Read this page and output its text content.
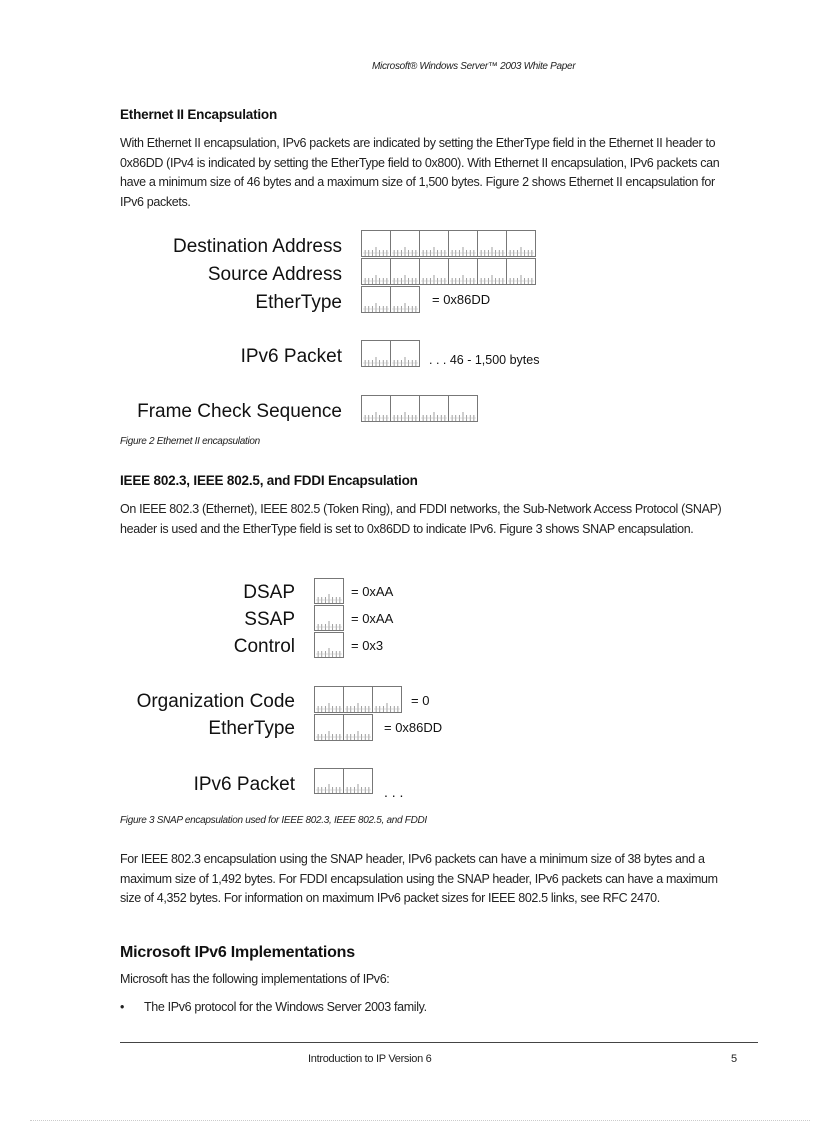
Microsoft® Windows Server™ 2003 White Paper
Ethernet II Encapsulation
With Ethernet II encapsulation, IPv6 packets are indicated by setting the EtherType field in the Ethernet II header to 0x86DD (IPv4 is indicated by setting the EtherType field to 0x800). With Ethernet II encapsulation, IPv6 packets can have a minimum size of 46 bytes and a maximum size of 1,500 bytes. Figure 2 shows Ethernet II encapsulation for IPv6 packets.
Destination Address
Source Address
EtherType	= 0x86DD
IPv6 Packet	. . . 46 - 1,500 bytes
Frame Check Sequence
Figure 2 Ethernet II encapsulation
IEEE 802.3, IEEE 802.5, and FDDI Encapsulation
On IEEE 802.3 (Ethernet), IEEE 802.5 (Token Ring), and FDDI networks, the Sub-Network Access Protocol (SNAP) header is used and the EtherType field is set to 0x86DD to indicate IPv6. Figure 3 shows SNAP encapsulation.
DSAP	= 0xAA
SSAP	= 0xAA
Control	= 0x3
Organization Code	= 0
EtherType	= 0x86DD
IPv6 Packet	. . .
Figure 3 SNAP encapsulation used for IEEE 802.3, IEEE 802.5, and FDDI
For IEEE 802.3 encapsulation using the SNAP header, IPv6 packets can have a minimum size of 38 bytes and a maximum size of 1,492 bytes. For FDDI encapsulation using the SNAP header, IPv6 packets can have a maximum size of 4,352 bytes. For information on maximum IPv6 packet sizes for IEEE 802.5 links, see RFC 2470.
Microsoft IPv6 Implementations
Microsoft has the following implementations of IPv6:
• The IPv6 protocol for the Windows Server 2003 family.
Introduction to IP Version 6	5
